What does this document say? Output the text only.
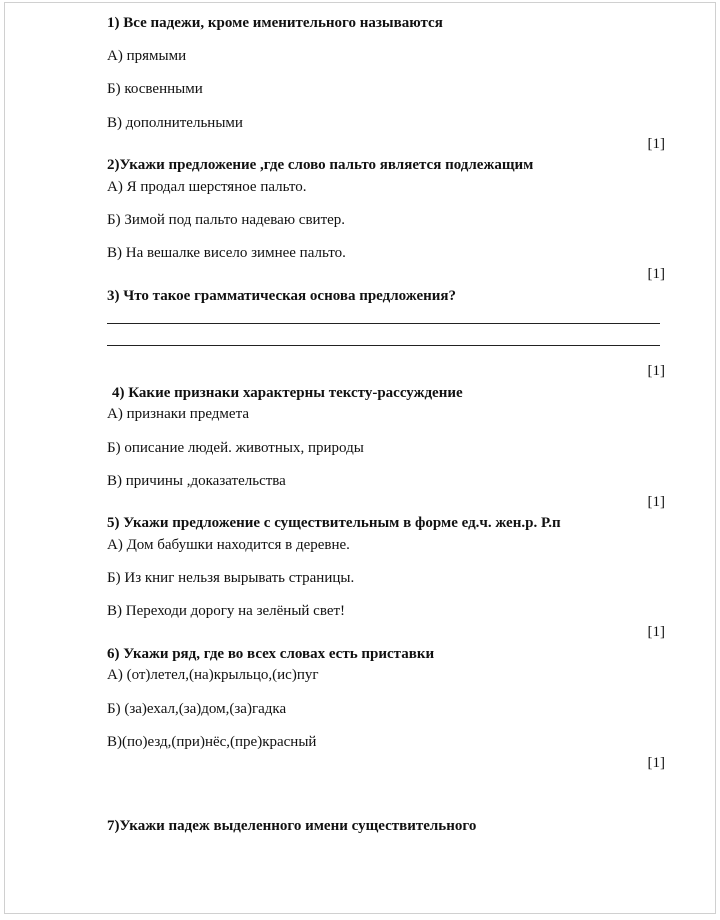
1) Все падежи, кроме именительного называются
А) прямыми
Б) косвенными
В) дополнительными
[1]
2)Укажи предложение ,где слово пальто является подлежащим
А) Я продал шерстяное пальто.
Б) Зимой под пальто надеваю свитер.
В) На вешалке висело зимнее пальто.
[1]
3) Что такое грамматическая основа предложения?
[1]
4) Какие признаки характерны тексту-рассуждение
А) признаки предмета
Б) описание людей. животных, природы
В) причины ,доказательства
[1]
5) Укажи предложение с существительным в форме ед.ч. жен.р. Р.п
А) Дом бабушки находится в деревне.
Б) Из книг нельзя вырывать страницы.
В) Переходи дорогу на зелёный свет!
[1]
6) Укажи ряд, где во всех словах есть приставки
А) (от)летел,(на)крыльцо,(ис)пуг
Б) (за)ехал,(за)дом,(за)гадка
В)(по)езд,(при)нёс,(пре)красный
[1]
7)Укажи падеж выделенного имени существительного
